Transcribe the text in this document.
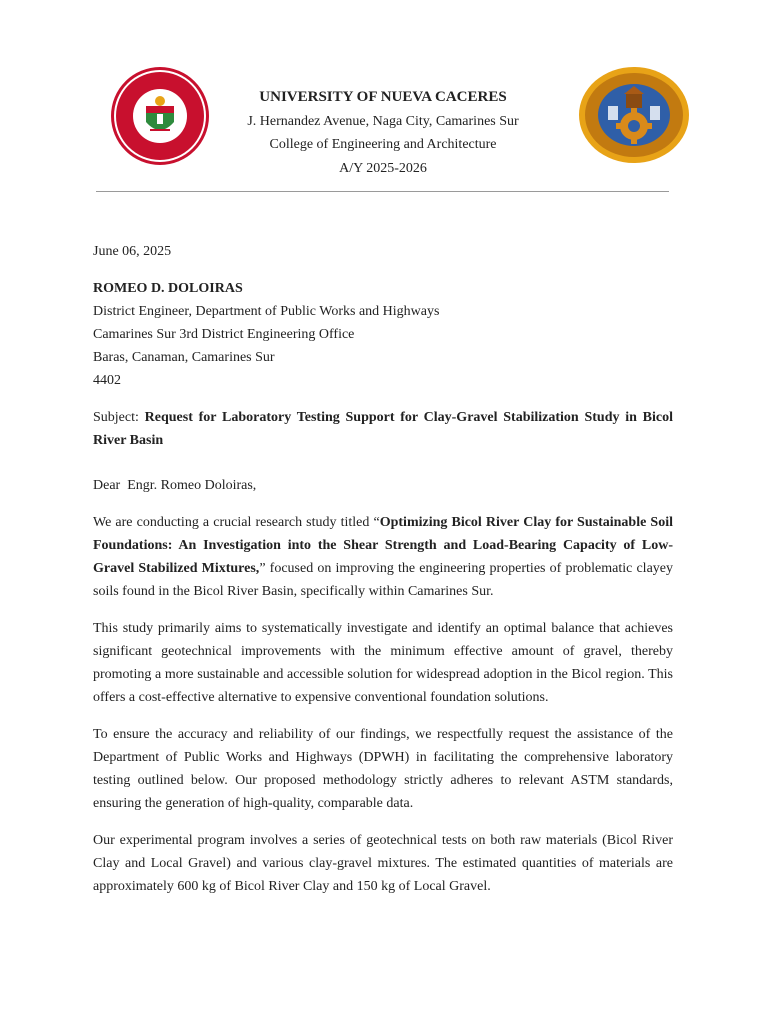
UNIVERSITY OF NUEVA CACERES
J. Hernandez Avenue, Naga City, Camarines Sur
College of Engineering and Architecture
A/Y 2025-2026

June 06, 2025

ROMEO D. DOLOIRAS
District Engineer, Department of Public Works and Highways
Camarines Sur 3rd District Engineering Office
Baras, Canaman, Camarines Sur
4402

Subject: Request for Laboratory Testing Support for Clay-Gravel Stabilization Study in Bicol River Basin

Dear  Engr. Romeo Doloiras,

We are conducting a crucial research study titled “Optimizing Bicol River Clay for Sustainable Soil Foundations: An Investigation into the Shear Strength and Load-Bearing Capacity of Low-Gravel Stabilized Mixtures,” focused on improving the engineering properties of problematic clayey soils found in the Bicol River Basin, specifically within Camarines Sur.

This study primarily aims to systematically investigate and identify an optimal balance that achieves significant geotechnical improvements with the minimum effective amount of gravel, thereby promoting a more sustainable and accessible solution for widespread adoption in the Bicol region. This offers a cost-effective alternative to expensive conventional foundation solutions.

To ensure the accuracy and reliability of our findings, we respectfully request the assistance of the Department of Public Works and Highways (DPWH) in facilitating the comprehensive laboratory testing outlined below. Our proposed methodology strictly adheres to relevant ASTM standards, ensuring the generation of high-quality, comparable data.

Our experimental program involves a series of geotechnical tests on both raw materials (Bicol River Clay and Local Gravel) and various clay-gravel mixtures. The estimated quantities of materials are approximately 600 kg of Bicol River Clay and 150 kg of Local Gravel.
